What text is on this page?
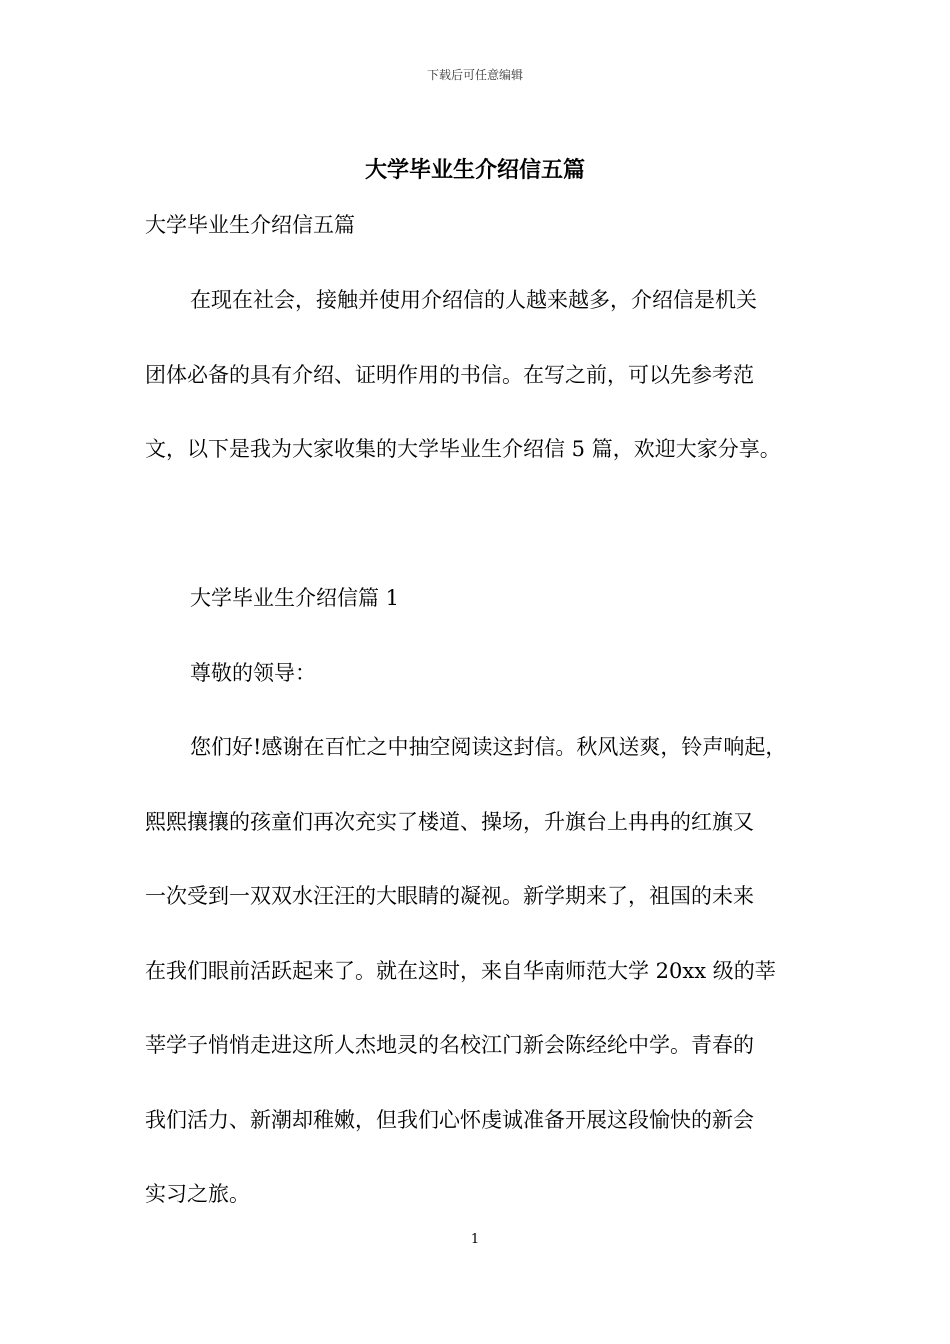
下载后可任意编辑
大学毕业生介绍信五篇

大学毕业生介绍信五篇

在现在社会，接触并使用介绍信的人越来越多，介绍信是机关

团体必备的具有介绍、证明作用的书信。在写之前，可以先参考范

文，以下是我为大家收集的大学毕业生介绍信 5 篇，欢迎大家分享。

大学毕业生介绍信篇 1

尊敬的领导：

您们好!感谢在百忙之中抽空阅读这封信。秋风送爽，铃声响起，

熙熙攘攘的孩童们再次充实了楼道、操场，升旗台上冉冉的红旗又

一次受到一双双水汪汪的大眼睛的凝视。新学期来了，祖国的未来

在我们眼前活跃起来了。就在这时，来自华南师范大学 20xx 级的莘

莘学子悄悄走进这所人杰地灵的名校江门新会陈经纶中学。青春的

我们活力、新潮却稚嫩，但我们心怀虔诚准备开展这段愉快的新会

实习之旅。

1
